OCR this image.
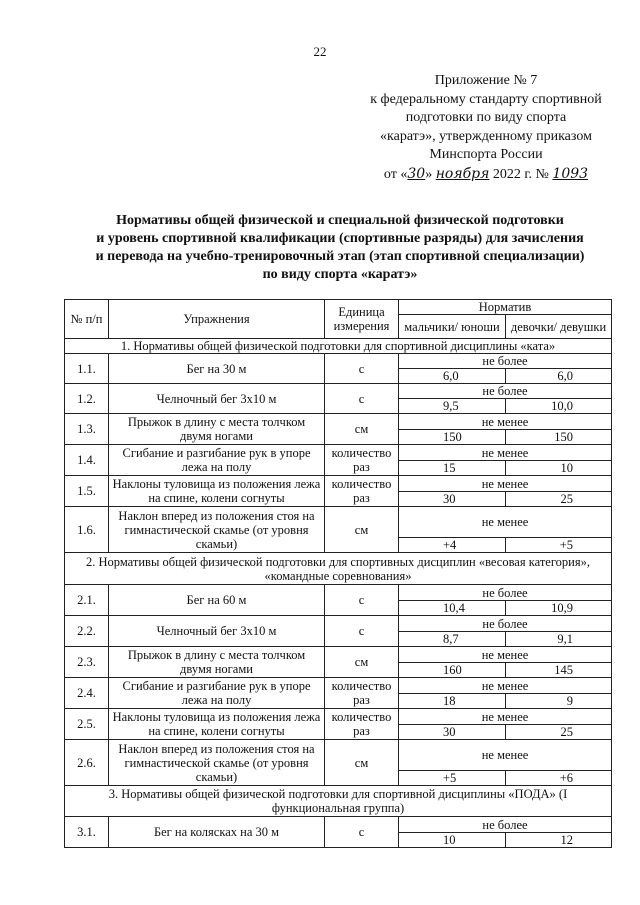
22
Приложение № 7
к федеральному стандарту спортивной
подготовки по виду спорта
«каратэ», утвержденному приказом
Минспорта России
от «30» ноября 2022 г. № 1093
Нормативы общей физической и специальной физической подготовки
и уровень спортивной квалификации (спортивные разряды) для зачисления
и перевода на учебно-тренировочный этап (этап спортивной специализации)
по виду спорта «каратэ»
№ п/п	Упражнения	Единица измерения	Норматив	
			мальчики/ юноши	девочки/ девушки
1. Нормативы общей физической подготовки для спортивной дисциплины «ката»				
1.1.	Бег на 30 м	с	не более	
			6,0	6,0
1.2.	Челночный бег 3х10 м	с	не более	
			9,5	10,0
1.3.	Прыжок в длину с места толчком двумя ногами	см	не менее	
			150	150
1.4.	Сгибание и разгибание рук в упоре лежа на полу	количество раз	не менее	
			15	10
1.5.	Наклоны туловища из положения лежа на спине, колени согнуты	количество раз	не менее	
			30	25
1.6.	Наклон вперед из положения стоя на гимнастической скамье (от уровня скамьи)	см	не менее	
			+4	+5
2. Нормативы общей физической подготовки для спортивных дисциплин «весовая категория», «командные соревнования»				
2.1.	Бег на 60 м	с	не более	
			10,4	10,9
2.2.	Челночный бег 3х10 м	с	не более	
			8,7	9,1
2.3.	Прыжок в длину с места толчком двумя ногами	см	не менее	
			160	145
2.4.	Сгибание и разгибание рук в упоре лежа на полу	количество раз	не менее	
			18	9
2.5.	Наклоны туловища из положения лежа на спине, колени согнуты	количество раз	не менее	
			30	25
2.6.	Наклон вперед из положения стоя на гимнастической скамье (от уровня скамьи)	см	не менее	
			+5	+6
3. Нормативы общей физической подготовки для спортивной дисциплины «ПОДА» (I функциональная группа)				
3.1.	Бег на колясках на 30 м	с	не более	
			10	12
